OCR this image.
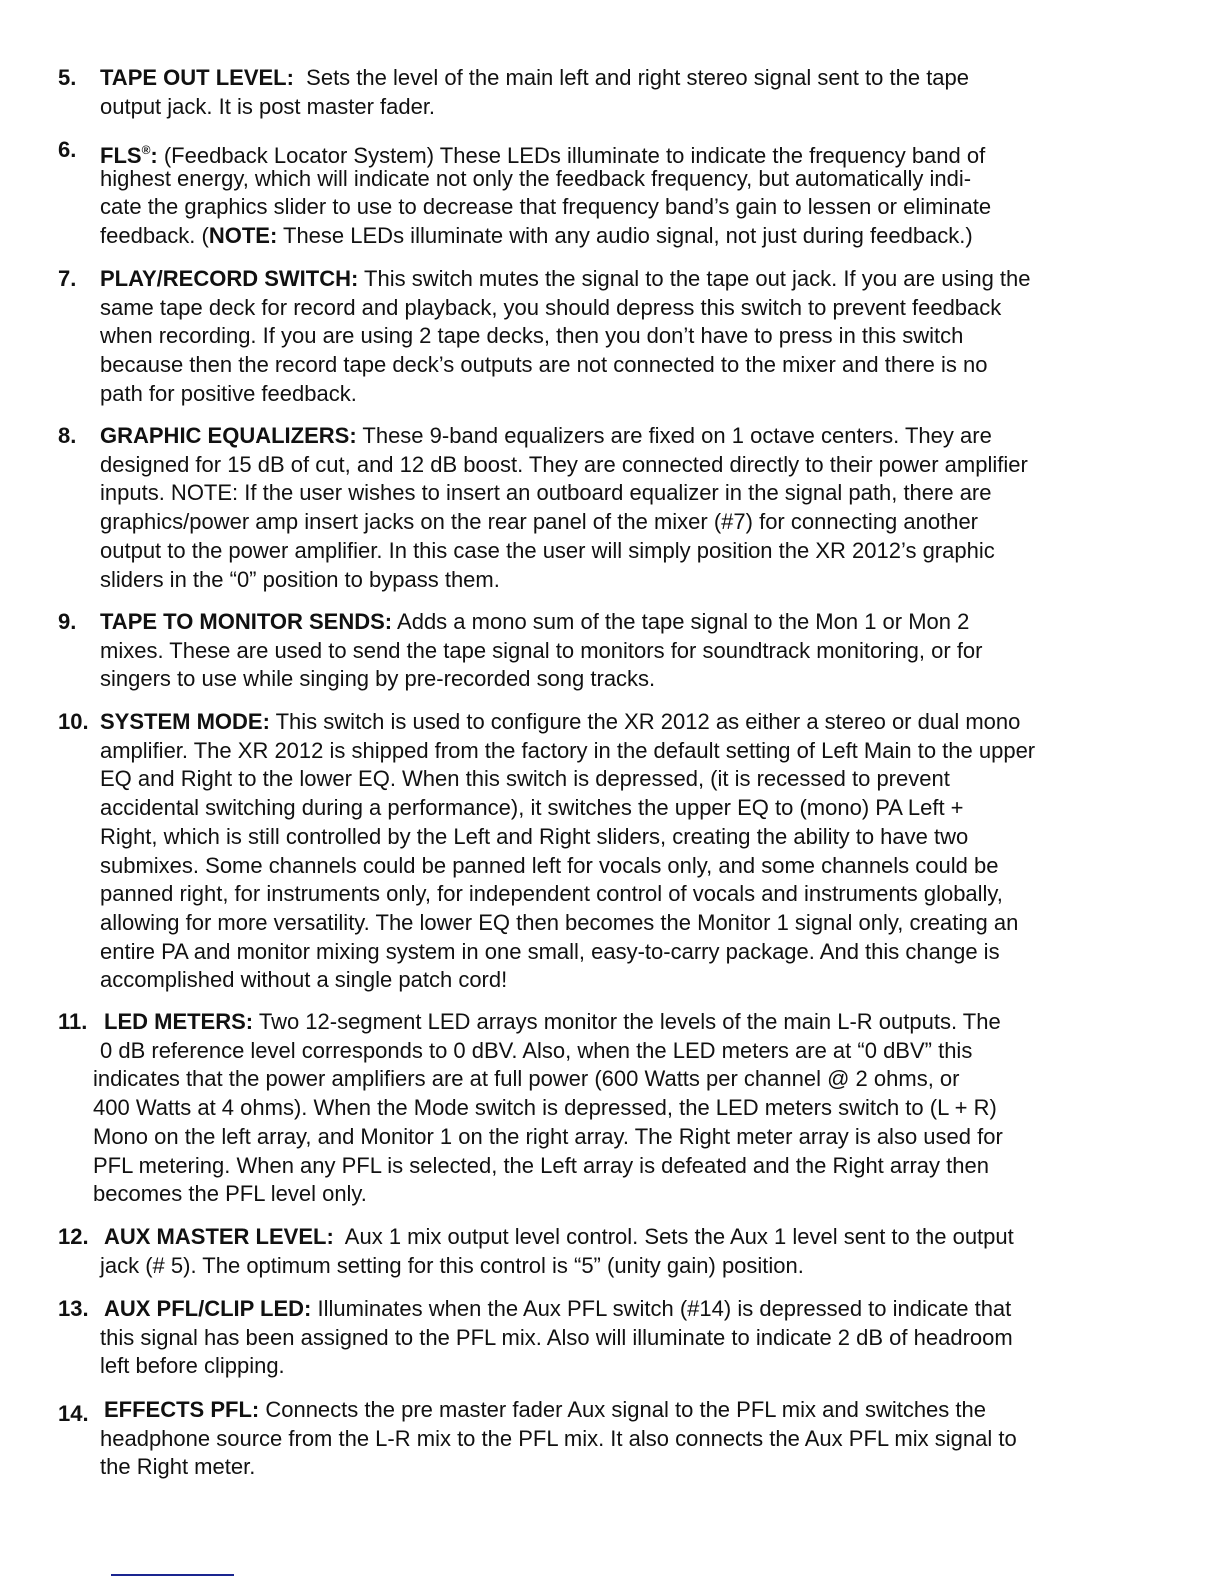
5. TAPE OUT LEVEL:  Sets the level of the main left and right stereo signal sent to the tape
output jack. It is post master fader.
6. FLS®: (Feedback Locator System) These LEDs illuminate to indicate the frequency band of
highest energy, which will indicate not only the feedback frequency, but automatically indi-
cate the graphics slider to use to decrease that frequency band’s gain to lessen or eliminate
feedback. (NOTE: These LEDs illuminate with any audio signal, not just during feedback.)
7. PLAY/RECORD SWITCH: This switch mutes the signal to the tape out jack. If you are using the
same tape deck for record and playback, you should depress this switch to prevent feedback
when recording. If you are using 2 tape decks, then you don’t have to press in this switch
because then the record tape deck’s outputs are not connected to the mixer and there is no
path for positive feedback.
8. GRAPHIC EQUALIZERS: These 9-band equalizers are fixed on 1 octave centers. They are
designed for 15 dB of cut, and 12 dB boost. They are connected directly to their power amplifier
inputs. NOTE: If the user wishes to insert an outboard equalizer in the signal path, there are
graphics/power amp insert jacks on the rear panel of the mixer (#7) for connecting another
output to the power amplifier. In this case the user will simply position the XR 2012’s graphic
sliders in the “0” position to bypass them.
9. TAPE TO MONITOR SENDS: Adds a mono sum of the tape signal to the Mon 1 or Mon 2
mixes. These are used to send the tape signal to monitors for soundtrack monitoring, or for
singers to use while singing by pre-recorded song tracks.
10. SYSTEM MODE: This switch is used to configure the XR 2012 as either a stereo or dual mono
amplifier. The XR 2012 is shipped from the factory in the default setting of Left Main to the upper
EQ and Right to the lower EQ. When this switch is depressed, (it is recessed to prevent
accidental switching during a performance), it switches the upper EQ to (mono) PA Left +
Right, which is still controlled by the Left and Right sliders, creating the ability to have two
submixes. Some channels could be panned left for vocals only, and some channels could be
panned right, for instruments only, for independent control of vocals and instruments globally,
allowing for more versatility. The lower EQ then becomes the Monitor 1 signal only, creating an
entire PA and monitor mixing system in one small, easy-to-carry package. And this change is
accomplished without a single patch cord!
11. LED METERS: Two 12-segment LED arrays monitor the levels of the main L-R outputs. The
0 dB reference level corresponds to 0 dBV. Also, when the LED meters are at “0 dBV” this
indicates that the power amplifiers are at full power (600 Watts per channel @ 2 ohms, or
400 Watts at 4 ohms). When the Mode switch is depressed, the LED meters switch to (L + R)
Mono on the left array, and Monitor 1 on the right array. The Right meter array is also used for
PFL metering. When any PFL is selected, the Left array is defeated and the Right array then
becomes the PFL level only.
12. AUX MASTER LEVEL:  Aux 1 mix output level control. Sets the Aux 1 level sent to the output
jack (# 5). The optimum setting for this control is “5” (unity gain) position.
13. AUX PFL/CLIP LED: Illuminates when the Aux PFL switch (#14) is depressed to indicate that
this signal has been assigned to the PFL mix. Also will illuminate to indicate 2 dB of headroom
left before clipping.
14. EFFECTS PFL: Connects the pre master fader Aux signal to the PFL mix and switches the
headphone source from the L-R mix to the PFL mix. It also connects the Aux PFL mix signal to
the Right meter.
